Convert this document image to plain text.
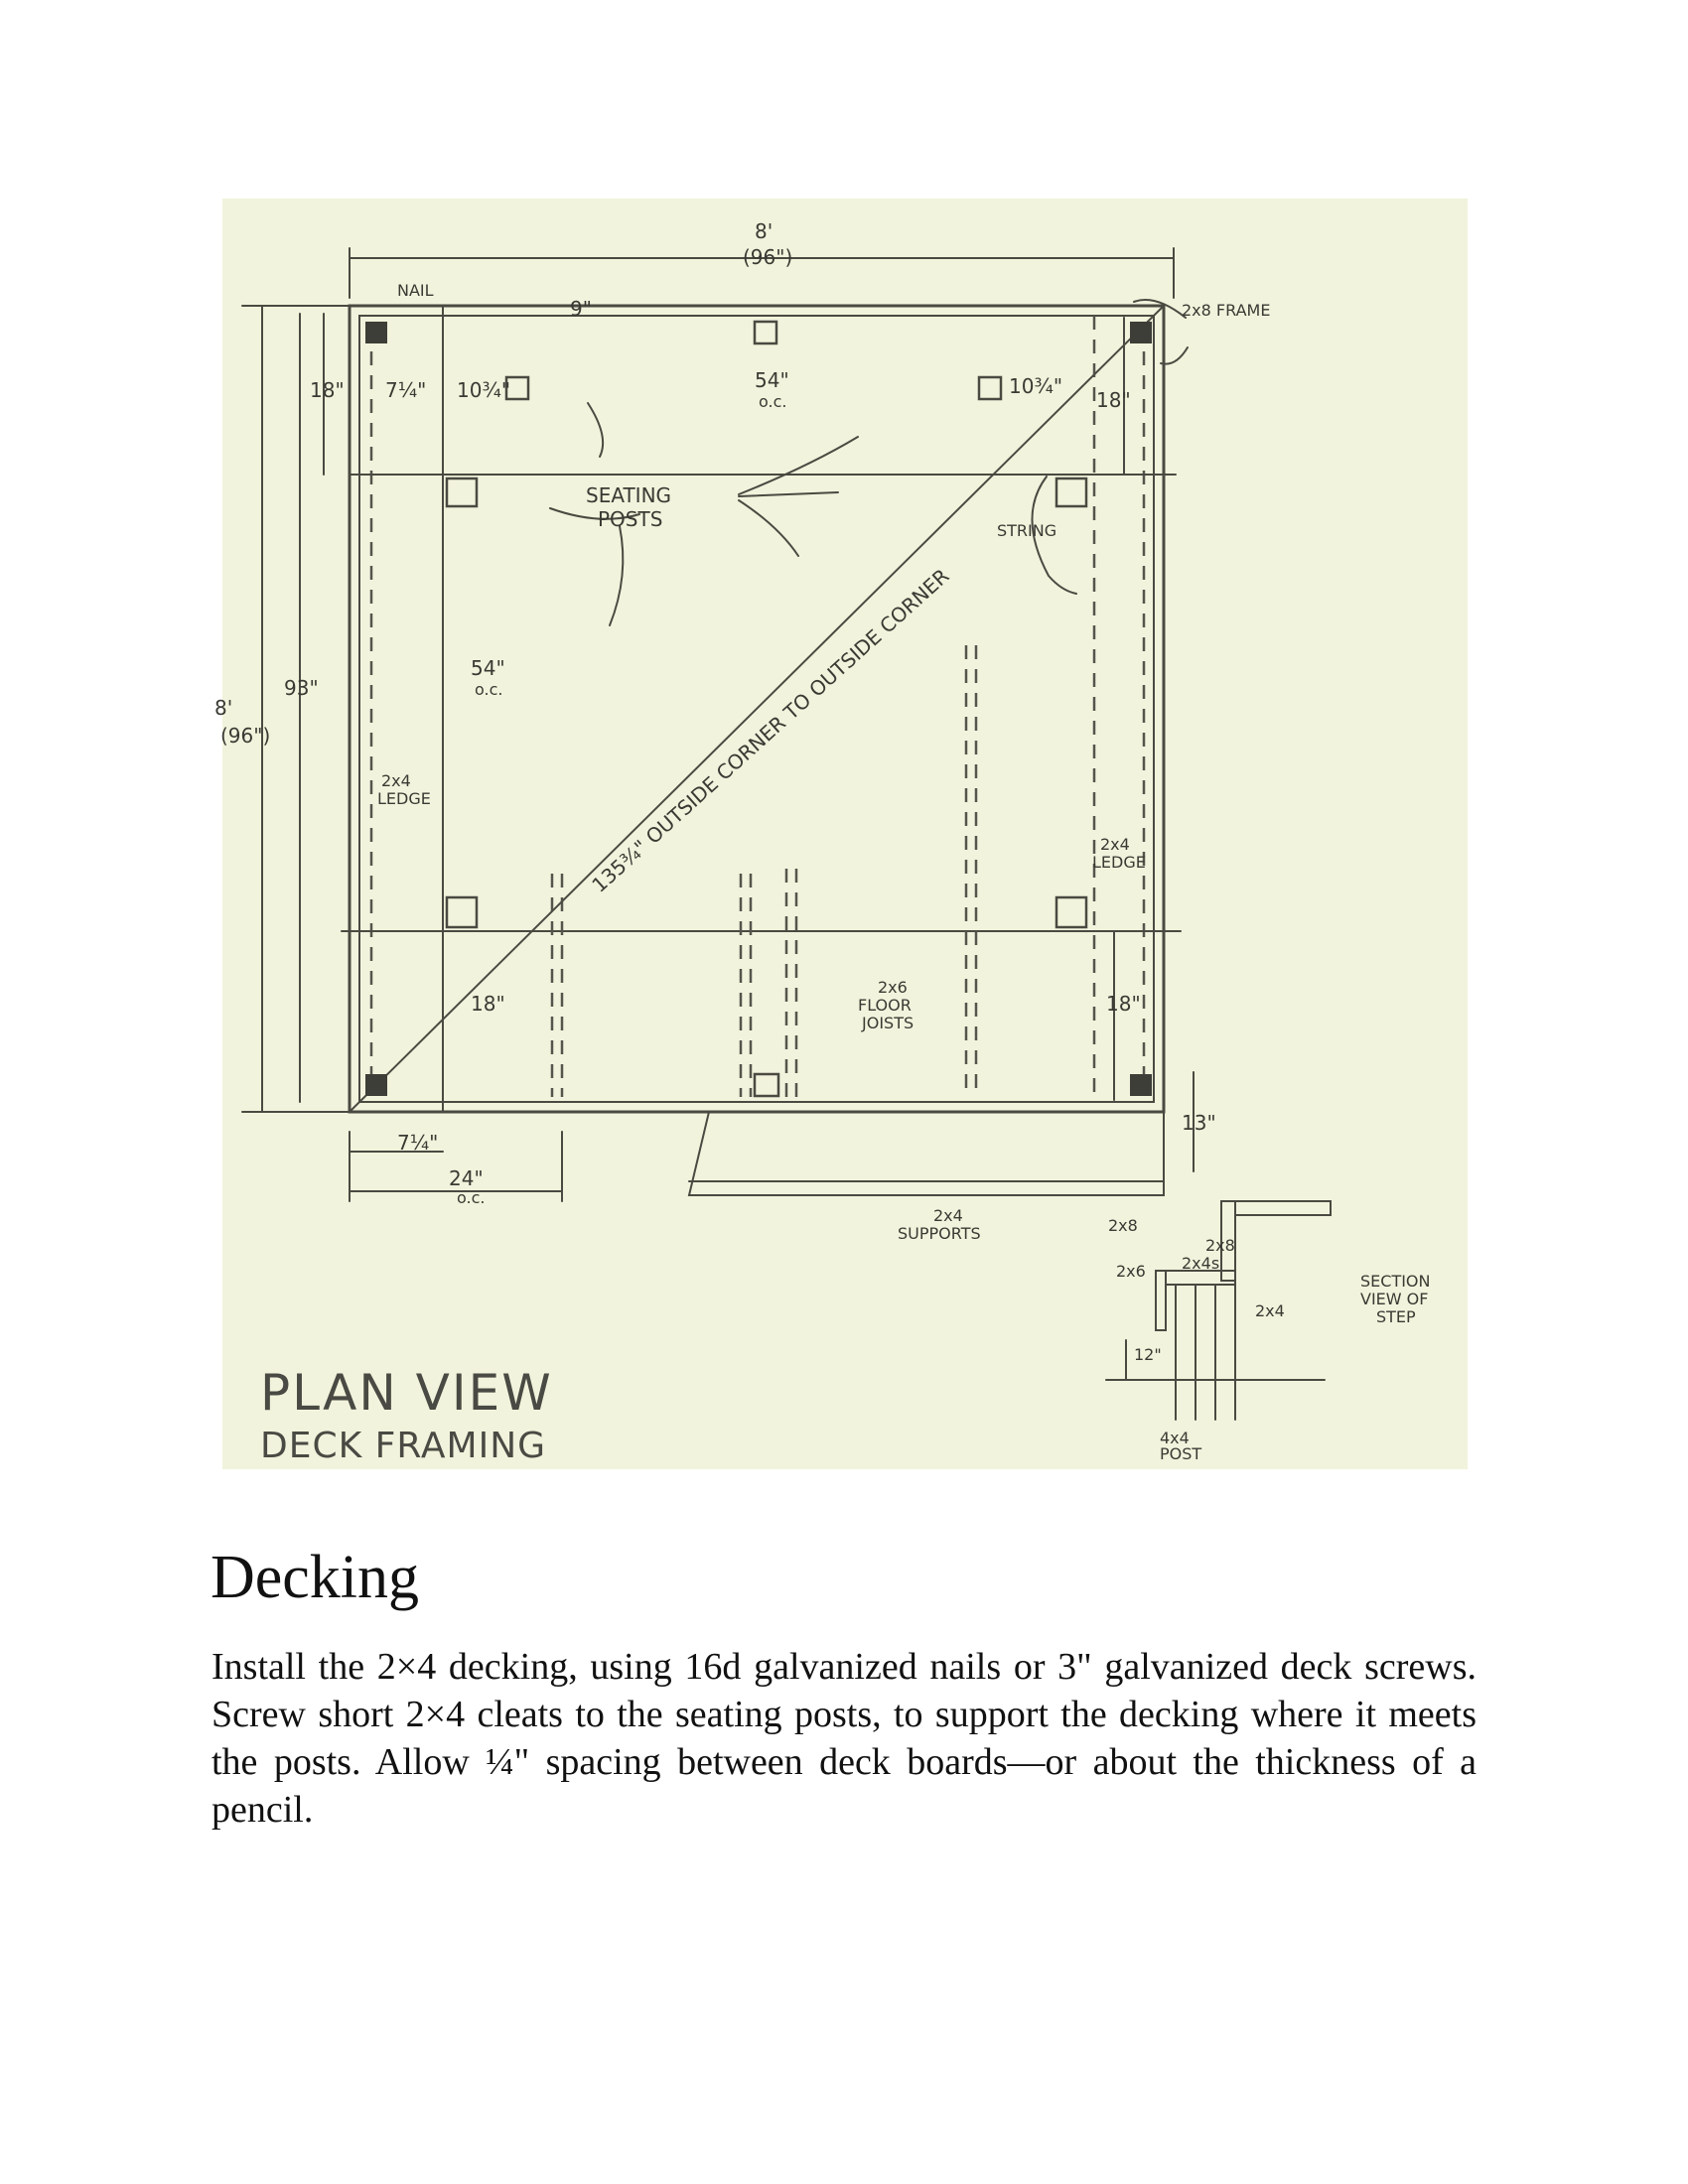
8'
(96")
NAIL
2x8 FRAME
9"
18"	18"
7¼" 10¾"	10¾"
54"
o.c.
SEATING
POSTS	STRING
54"
o.c.
8'
(96")
93"
2x4
LEDGE
2x4
LEDGE
135¾" OUTSIDE CORNER TO OUTSIDE CORNER
18"	18"
2x6
FLOOR
JOISTS
7¼"
24"
o.c.
13"
2x4
SUPPORTS	2x8
2x8
2x4s
2x6
2x4
12"
SECTION
VIEW OF
STEP
4x4
POST
PLAN VIEW
DECK FRAMING
Decking

Install the 2×4 decking, using 16d galvanized nails or 3" galvanized deck screws. Screw short 2×4 cleats to the seating posts, to support the decking where it meets the posts. Allow ¼" spacing between deck boards—or about the thickness of a pencil.
